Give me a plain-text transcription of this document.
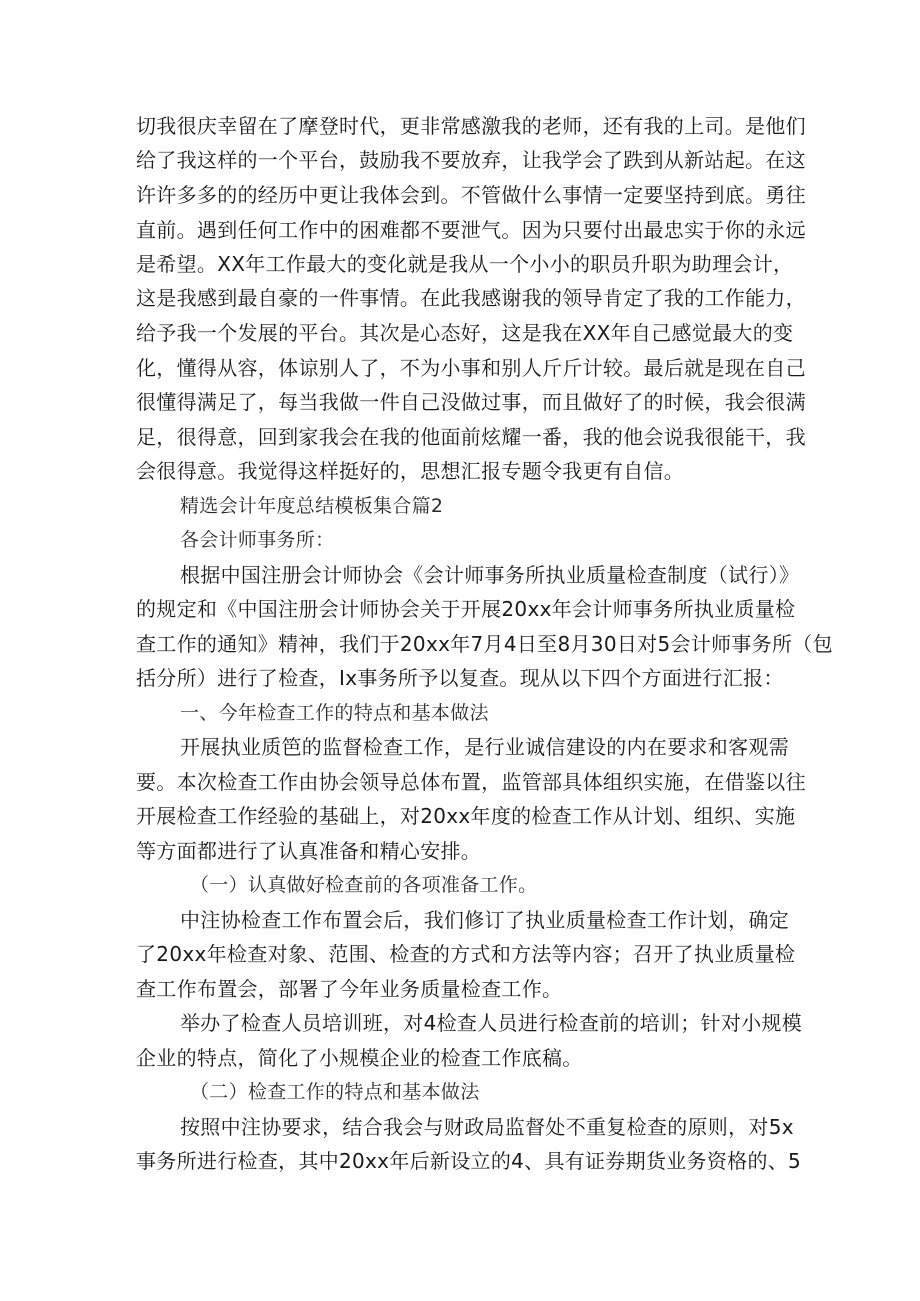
切我很庆幸留在了摩登时代，更非常感激我的老师，还有我的上司。是他们
给了我这样的一个平台，鼓励我不要放弃，让我学会了跌到从新站起。在这
许许多多的的经历中更让我体会到。不管做什么事情一定要坚持到底。勇往
直前。遇到任何工作中的困难都不要泄气。因为只要付出最忠实于你的永远
是希望。XX年工作最大的变化就是我从一个小小的职员升职为助理会计，
这是我感到最自豪的一件事情。在此我感谢我的领导肯定了我的工作能力，
给予我一个发展的平台。其次是心态好，这是我在XX年自己感觉最大的变
化，懂得从容，体谅别人了，不为小事和别人斤斤计较。最后就是现在自己
很懂得满足了，每当我做一件自己没做过事，而且做好了的时候，我会很满
足，很得意，回到家我会在我的他面前炫耀一番，我的他会说我很能干，我
会很得意。我觉得这样挺好的，思想汇报专题令我更有自信。
精选会计年度总结模板集合篇2
各会计师事务所：
根据中国注册会计师协会《会计师事务所执业质量检查制度（试行）》
的规定和《中国注册会计师协会关于开展20xx年会计师事务所执业质量检
查工作的通知》精神，我们于20xx年7月4日至8月30日对5会计师事务所（包
括分所）进行了检查，Ix事务所予以复查。现从以下四个方面进行汇报：
一、今年检查工作的特点和基本做法
开展执业质笆的监督检查工作，是行业诚信建设的内在要求和客观需
要。本次检查工作由协会领导总体布置，监管部具体组织实施，在借鉴以往
开展检查工作经验的基础上，对20xx年度的检查工作从计划、组织、实施
等方面都进行了认真准备和精心安排。
（一）认真做好检查前的各项准备工作。
中注协检查工作布置会后，我们修订了执业质量检查工作计划，确定
了20xx年检查对象、范围、检查的方式和方法等内容；召开了执业质量检
查工作布置会，部署了今年业务质量检查工作。
举办了检查人员培训班，对4检查人员进行检查前的培训；针对小规模
企业的特点，简化了小规模企业的检查工作底稿。
（二）检查工作的特点和基本做法
按照中注协要求，结合我会与财政局监督处不重复检查的原则，对5x
事务所进行检查，其中20xx年后新设立的4、具有证券期货业务资格的、5
